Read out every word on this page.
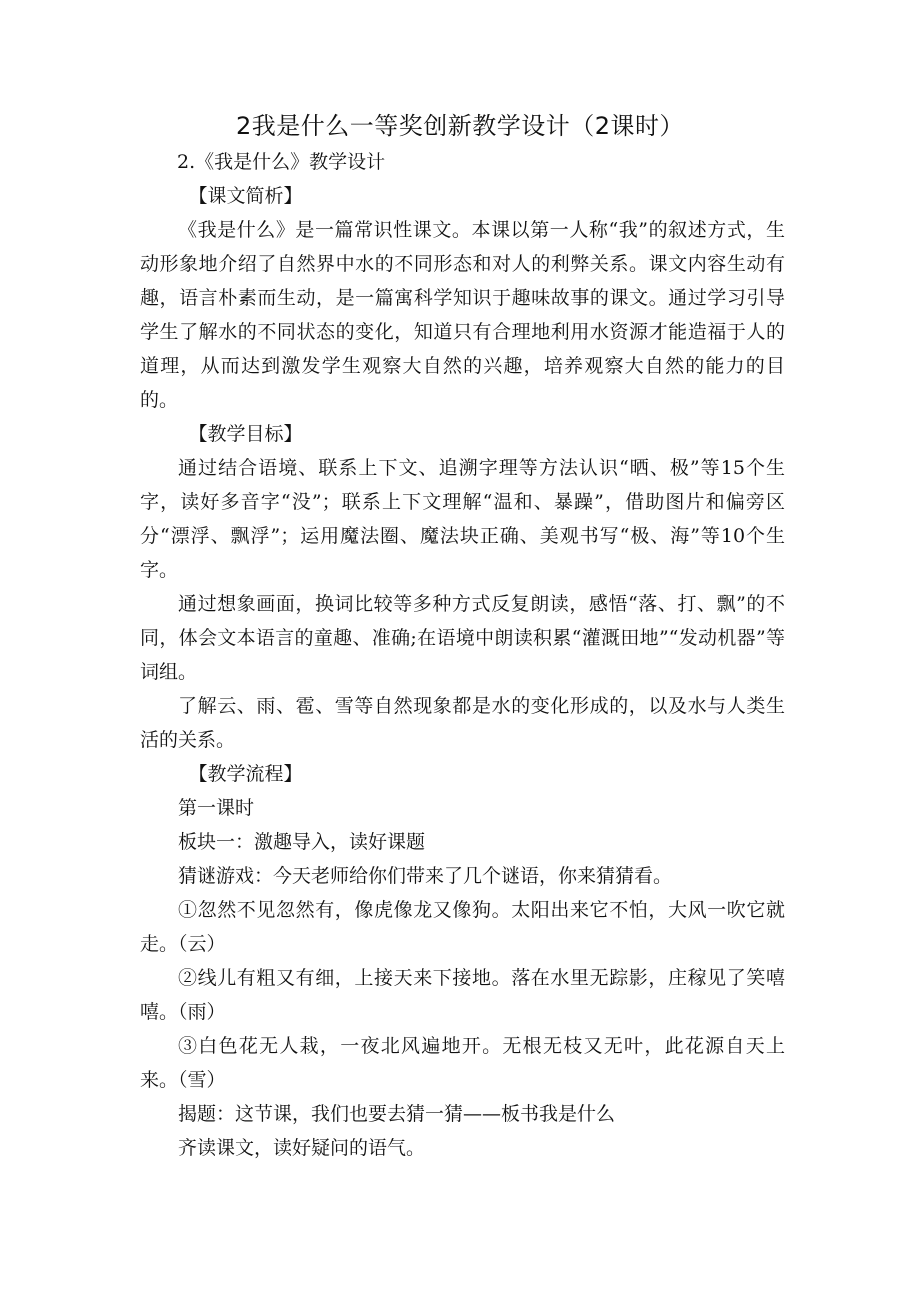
2我是什么一等奖创新教学设计（2课时）

2.《我是什么》教学设计

【课文简析】

《我是什么》是一篇常识性课文。本课以第一人称“我”的叙述方式，生动形象地介绍了自然界中水的不同形态和对人的利弊关系。课文内容生动有趣，语言朴素而生动，是一篇寓科学知识于趣味故事的课文。通过学习引导学生了解水的不同状态的变化，知道只有合理地利用水资源才能造福于人的道理，从而达到激发学生观察大自然的兴趣，培养观察大自然的能力的目的。

【教学目标】

通过结合语境、联系上下文、追溯字理等方法认识“晒、极”等15个生字，读好多音字“没”；联系上下文理解“温和、暴躁”，借助图片和偏旁区分“漂浮、飘浮”；运用魔法圈、魔法块正确、美观书写“极、海”等10个生字。

通过想象画面，换词比较等多种方式反复朗读，感悟“落、打、飘”的不同，体会文本语言的童趣、准确;在语境中朗读积累“灌溉田地”“发动机器”等词组。

了解云、雨、雹、雪等自然现象都是水的变化形成的，以及水与人类生活的关系。

【教学流程】

第一课时

板块一：激趣导入，读好课题

猜谜游戏：今天老师给你们带来了几个谜语，你来猜猜看。

①忽然不见忽然有，像虎像龙又像狗。太阳出来它不怕，大风一吹它就走。（云）

②线儿有粗又有细，上接天来下接地。落在水里无踪影，庄稼见了笑嘻嘻。（雨）

③白色花无人栽，一夜北风遍地开。无根无枝又无叶，此花源自天上来。（雪）

揭题：这节课，我们也要去猜一猜——板书我是什么

齐读课文，读好疑问的语气。
